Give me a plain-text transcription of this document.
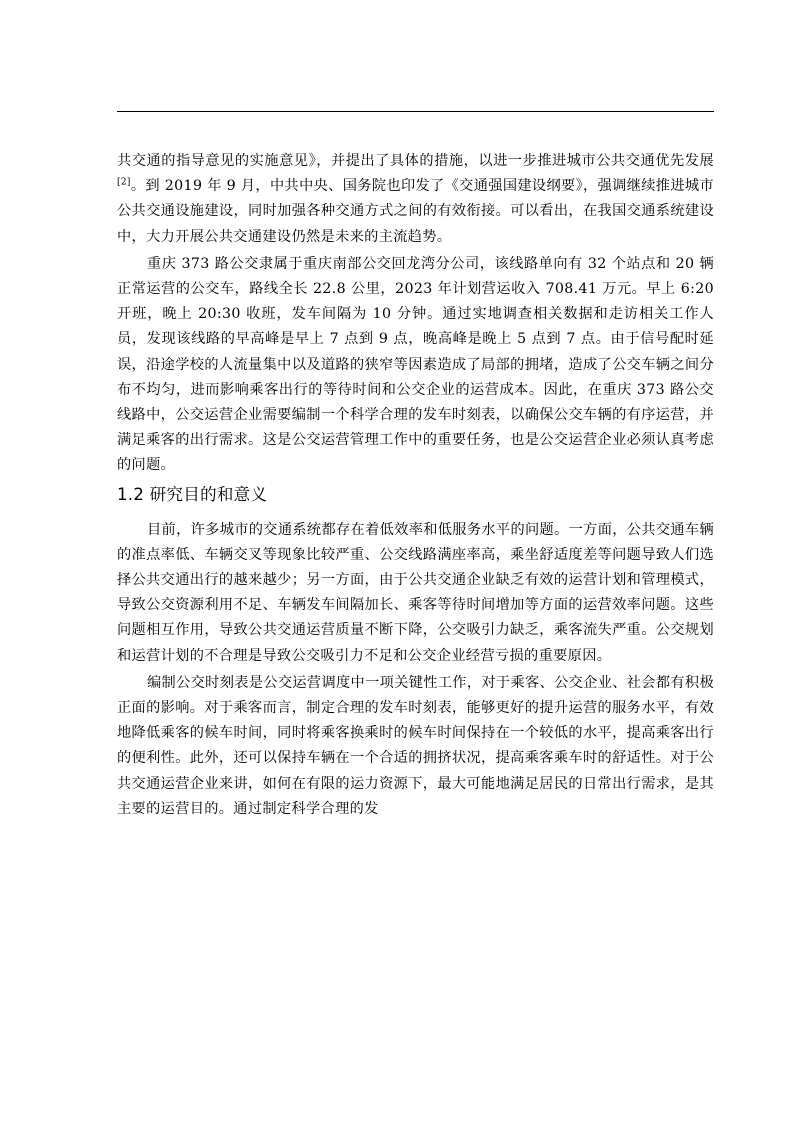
共交通的指导意见的实施意见》，并提出了具体的措施，以进一步推进城市公共交通优先发展[2]。到 2019 年 9 月，中共中央、国务院也印发了《交通强国建设纲要》，强调继续推进城市公共交通设施建设，同时加强各种交通方式之间的有效衔接。可以看出，在我国交通系统建设中，大力开展公共交通建设仍然是未来的主流趋势。

重庆 373 路公交隶属于重庆南部公交回龙湾分公司，该线路单向有 32 个站点和 20 辆正常运营的公交车，路线全长 22.8 公里，2023 年计划营运收入 708.41 万元。早上 6:20 开班，晚上 20:30 收班，发车间隔为 10 分钟。通过实地调查相关数据和走访相关工作人员，发现该线路的早高峰是早上 7 点到 9 点，晚高峰是晚上 5 点到 7 点。由于信号配时延误，沿途学校的人流量集中以及道路的狭窄等因素造成了局部的拥堵，造成了公交车辆之间分布不均匀，进而影响乘客出行的等待时间和公交企业的运营成本。因此，在重庆 373 路公交线路中，公交运营企业需要编制一个科学合理的发车时刻表，以确保公交车辆的有序运营，并满足乘客的出行需求。这是公交运营管理工作中的重要任务，也是公交运营企业必须认真考虑的问题。

1.2 研究目的和意义

目前，许多城市的交通系统都存在着低效率和低服务水平的问题。一方面，公共交通车辆的准点率低、车辆交叉等现象比较严重、公交线路满座率高，乘坐舒适度差等问题导致人们选择公共交通出行的越来越少；另一方面，由于公共交通企业缺乏有效的运营计划和管理模式，导致公交资源利用不足、车辆发车间隔加长、乘客等待时间增加等方面的运营效率问题。这些问题相互作用，导致公共交通运营质量不断下降，公交吸引力缺乏，乘客流失严重。公交规划和运营计划的不合理是导致公交吸引力不足和公交企业经营亏损的重要原因。

编制公交时刻表是公交运营调度中一项关键性工作，对于乘客、公交企业、社会都有积极正面的影响。对于乘客而言，制定合理的发车时刻表，能够更好的提升运营的服务水平，有效地降低乘客的候车时间，同时将乘客换乘时的候车时间保持在一个较低的水平，提高乘客出行的便利性。此外，还可以保持车辆在一个合适的拥挤状况，提高乘客乘车时的舒适性。对于公共交通运营企业来讲，如何在有限的运力资源下，最大可能地满足居民的日常出行需求，是其主要的运营目的。通过制定科学合理的发
